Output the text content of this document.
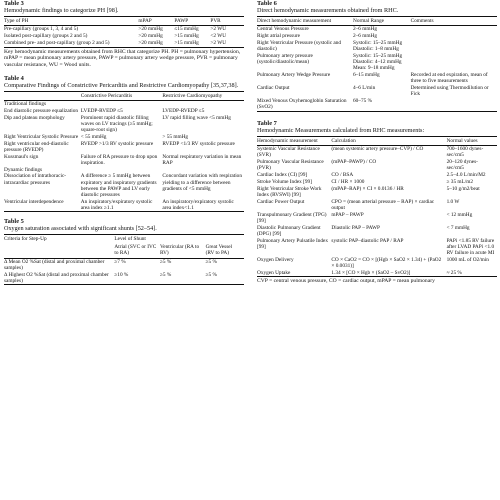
Table 3
Hemodynamic findings to categorize PH [98].
Type of PH	mPAP	PAWP	PVR
Pre-capillary (groups 1, 3, 4 and 5)	>20 mmHg	≤15 mmHg	>2 WU
Isolated post-capillary (groups 2 and 5)	>20 mmHg	>15 mmHg	<2 WU
Combined pre- and post-capillary (group 2 and 5)	>20 mmHg	>15 mmHg	>2 WU

Key hemodynamic measurements obtained from RHC that categorize PH. PH = pulmonary hypertension, mPAP = mean pulmonary artery pressure, PAWP = pulmonary artery wedge pressure, PVR = pulmonary vascular resistance, WU = Wood units.
Table 4
Comparative Findings of Constrictive Pericarditis and Restrictive Cardiomyopathy [35,37,38].
	Constrictive Pericarditis	Restrictive Cardiomyopathy
Traditional findings		
End diastolic pressure equalization	LVEDP-RVEDP ≤5	LVEDP-RVEDP ≤5
Dip and plateau morphology	Prominent rapid diastolic filling waves on LV tracings (≥5 mmHg; square-root sign)	LV rapid filling wave <5 mmHg
Right Ventricular Systolic Pressure	< 55 mmHg	> 55 mmHg
Right ventricular end-diastolic pressure (RVEDP)	RVEDP >1/3 RV systolic pressure	RVEDP <1/3 RV systolic pressure
Kussmaul's sign	Failure of RA pressure to drop upon inspiration.	Normal respiratory variation in mean RAP
Dynamic findings		
Dissociation of intrathoracic-intracardiac pressures	A difference ≥ 5 mmHg between expiratory and inspiratory gradients between the PAWP and LV early diastolic pressures	Concordant variation with respiration yielding to a difference between gradients of <5 mmHg
Ventricular interdependence	An inspiratory/expiratory systolic area index ≥1.1	An inspiratory/expiratory systolic area index<1.1

Table 5
Oxygen saturation associated with significant shunts [52–54].
Criteria for Step-Up	Level of Shunt		
	Atrial (SVC or IVC to RA)	Ventricular (RA to RV)	Great Vessel (RV to PA)
Δ Mean O2 %Sat (distal and proximal chamber samples)	≥7 %	≥5 %	≥5 %
Δ Highest O2 %Sat (distal and proximal chamber samples)	≥10 %	≥5 %	≥5 %

Table 6
Direct hemodynamic measurements obtained from RHC.
Direct hemodynamic measurement	Normal Range	Comments
Central Venous Pressure	2–6 mmHg	
Right atrial pressure	2–6 mmHg	
Right Ventricular Pressure (systolic and diastolic)	Systolic: 15–25 mmHg Diastolic: 1–8 mmHg	
Pulmonary artery pressure (systolic/diastolic/mean)	Systolic: 15–25 mmHg Diastolic: 4–12 mmHg Mean: 9–18 mmHg	
Pulmonary Artery Wedge Pressure	6–15 mmHg	Recorded at end expiration, mean of three to five measurements
Cardiac Output	4–6 L/min	Determined using Thermodilution or Fick
Mixed Venous Oxyhemoglobin Saturation (SvO2)	60–75 %	

Table 7
Hemodynamic Measurements calculated from RHC measurements:
Hemodynamic measurement	Calculation	Normal values
Systemic Vascular Resistance (SVR)	(mean systemic artery pressure–CVP) / CO	700–1600 dynes-sec/cm5
Pulmonary Vascular Resistance (PVR)	(mPAP–PAWP) / CO	20–120 dynes-sec/cm5
Cardiac Index (CI) [99]	CO / BSA	2.5–4.0 L/min/M2
Stroke Volume Index [99]	CI / HR × 1000	≥ 35 mL/m2
Right Ventricular Stroke Work Index (RVSWI) [99]	(mPAP–RAP) × CI × 0.0136 / HR	5–10 g/m2/beat
Cardiac Power Output	CPO = (mean arterial pressure – RAP) × cardiac output	1.0 W
Transpulmonary Gradient (TPG) [99]	mPAP – PAWP	< 12 mmHg
Diastolic Pulmonary Gradient (DPG) [99]	Diastolic PAP – PAWP	< 7 mmHg
Pulmonary Artery Pulsatile Index [99]	systolic PAP–diastolic PAP / RAP	PAPi <1.85 RV failure after LVAD PAPi <1.0 RV failure in acute MI
Oxygen Delivery	CO × CaO2 = CO × [(Hgb × SaO2 × 1.34) + (PaO2 × 0.0031)]	1000 mL of O2/min
Oxygen Uptake	1.34 × [CO × Hgb × (SaO2 – SvO2)]	≈ 25 %

CVP = central venous pressure, CO = cardiac output, mPAP = mean pulmonary
